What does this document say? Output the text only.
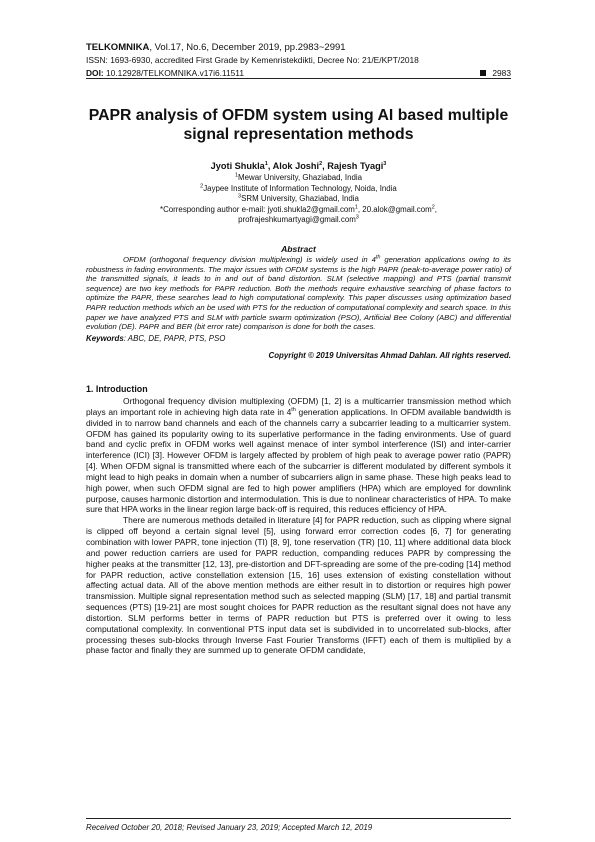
TELKOMNIKA, Vol.17, No.6, December 2019, pp.2983~2991
ISSN: 1693-6930, accredited First Grade by Kemenristekdikti, Decree No: 21/E/KPT/2018
DOI: 10.12928/TELKOMNIKA.v17i6.11511	2983
PAPR analysis of OFDM system using AI based multiple signal representation methods
Jyoti Shukla$^1$, Alok Joshi$^2$, Rajesh Tyagi$^3$
$^1$Mewar University, Ghaziabad, India
$^2$Jaypee Institute of Information Technology, Noida, India
$^3$SRM University, Ghaziabad, India
*Corresponding author e-mail: jyoti.shukla2@gmail.com$^1$, 20.alok@gmail.com$^2$,
profrajeshkumartyagi@gmail.com$^3$
Abstract
OFDM (orthogonal frequency division multiplexing) is widely used in 4th generation applications owing to its robustness in fading environments. The major issues with OFDM systems is the high PAPR (peak-to-average power ratio) of the transmitted signals, it leads to in and out of band distortion. SLM (selective mapping) and PTS (partial transmit sequence) are two key methods for PAPR reduction. Both the methods require exhaustive searching of phase factors to optimize the PAPR, these searches lead to high computational complexity. This paper discusses using optimization based PAPR reduction methods which an be used with PTS for the reduction of computational complexity and search space. In this paper we have analyzed PTS and SLM with particle swarm optimization (PSO), Artificial Bee Colony (ABC) and differential evolution (DE). PAPR and BER (bit error rate) comparison is done for both the cases.
Keywords: ABC, DE, PAPR, PTS, PSO
Copyright © 2019 Universitas Ahmad Dahlan. All rights reserved.
1. Introduction

Orthogonal frequency division multiplexing (OFDM) [1, 2] is a multicarrier transmission method which plays an important role in achieving high data rate in 4th generation applications. In OFDM available bandwidth is divided in to narrow band channels and each of the channels carry a subcarrier leading to a multicarrier system. OFDM has gained its popularity owing to its superlative performance in the fading environments. Use of guard band and cyclic prefix in OFDM works well against menace of inter symbol interference (ISI) and inter-carrier interference (ICI) [3]. However OFDM is largely affected by problem of high peak to average power ratio (PAPR) [4]. When OFDM signal is transmitted where each of the subcarrier is different modulated by different symbols it might lead to high peaks in domain when a number of subcarriers align in same phase. These high peaks lead to high power, when such OFDM signal are fed to high power amplifiers (HPA) which are employed for downlink purpose, causes harmonic distortion and intermodulation. This is due to nonlinear characteristics of HPA. To make sure that HPA works in the linear region large back-off is required, this reduces efficiency of HPA.

There are numerous methods detailed in literature [4] for PAPR reduction, such as clipping where signal is clipped off beyond a certain signal level [5], using forward error correction codes [6, 7] for generating combination with lower PAPR, tone injection (TI) [8, 9], tone reservation (TR) [10, 11] where additional data block and power reduction carriers are used for PAPR reduction, companding reduces PAPR by compressing the higher peaks at the transmitter [12, 13], pre-distortion and DFT-spreading are some of the pre-coding [14] method for PAPR reduction, active constellation extension [15, 16] uses extension of existing constellation without affecting actual data. All of the above mention methods are either result in to distortion or requires high power transmission. Multiple signal representation method such as selected mapping (SLM) [17, 18] and partial transmit sequences (PTS) [19-21] are most sought choices for PAPR reduction as the resultant signal does not have any distortion. SLM performs better in terms of PAPR reduction but PTS is preferred over it owing to less computational complexity. In conventional PTS input data set is subdivided in to uncorrelated sub-blocks, after processing theses sub-blocks through Inverse Fast Fourier Transforms (IFFT) each of them is multiplied by a phase factor and finally they are summed up to generate OFDM candidate,

Received October 20, 2018; Revised January 23, 2019; Accepted March 12, 2019
